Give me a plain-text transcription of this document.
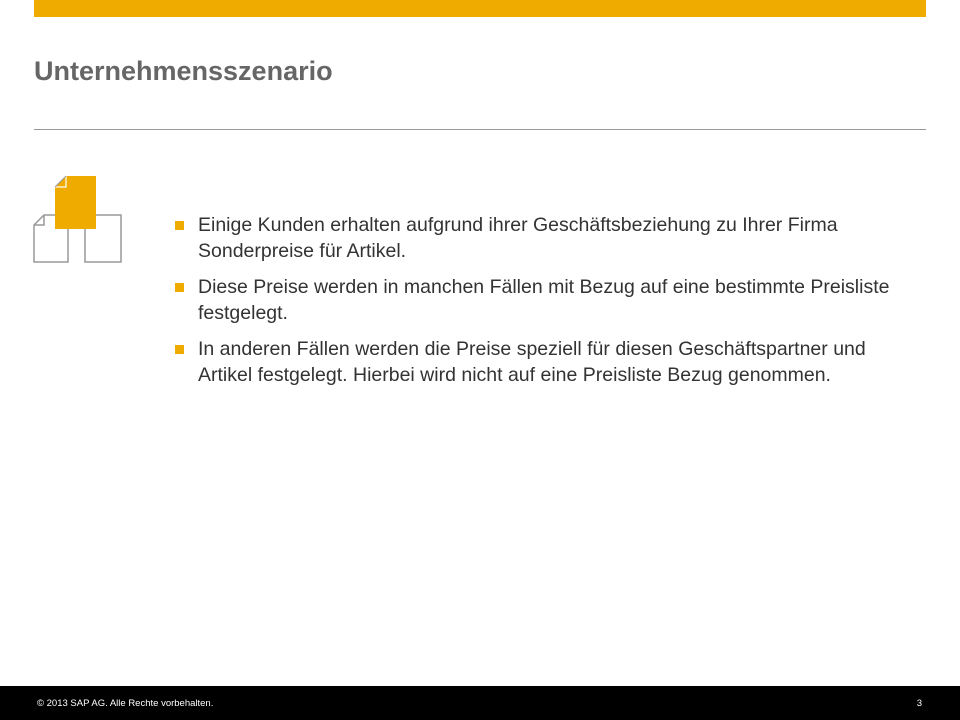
Unternehmensszenario
Einige Kunden erhalten aufgrund ihrer Geschäftsbeziehung zu Ihrer Firma Sonderpreise für Artikel.
Diese Preise werden in manchen Fällen mit Bezug auf eine bestimmte Preisliste festgelegt.
In anderen Fällen werden die Preise speziell für diesen Geschäftspartner und Artikel festgelegt. Hierbei wird nicht auf eine Preisliste Bezug genommen.
© 2013 SAP AG. Alle Rechte vorbehalten.	3
